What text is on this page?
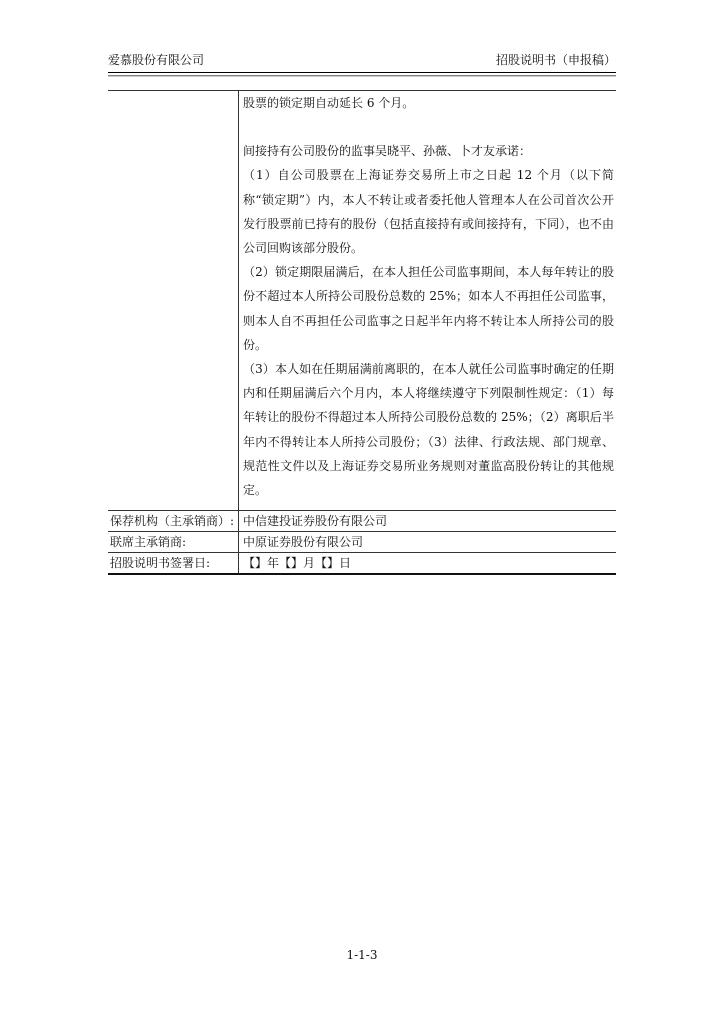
爱慕股份有限公司	招股说明书（申报稿）

	股票的锁定期自动延长 6 个月。

间接持有公司股份的监事吴晓平、孙薇、卜才友承诺：

（1）自公司股票在上海证券交易所上市之日起 12 个月（以下简称“锁定期”）内，本人不转让或者委托他人管理本人在公司首次公开发行股票前已持有的股份（包括直接持有或间接持有，下同），也不由公司回购该部分股份。

（2）锁定期限届满后，在本人担任公司监事期间，本人每年转让的股份不超过本人所持公司股份总数的 25%；如本人不再担任公司监事，则本人自不再担任公司监事之日起半年内将不转让本人所持公司的股份。

（3）本人如在任期届满前离职的，在本人就任公司监事时确定的任期内和任期届满后六个月内，本人将继续遵守下列限制性规定：（1）每年转让的股份不得超过本人所持公司股份总数的 25%；（2）离职后半年内不得转让本人所持公司股份；（3）法律、行政法规、部门规章、规范性文件以及上海证券交易所业务规则对董监高股份转让的其他规定。

保荐机构（主承销商）:	中信建投证券股份有限公司
联席主承销商:	中原证券股份有限公司
招股说明书签署日:	【】年【】月【】日
1-1-3
